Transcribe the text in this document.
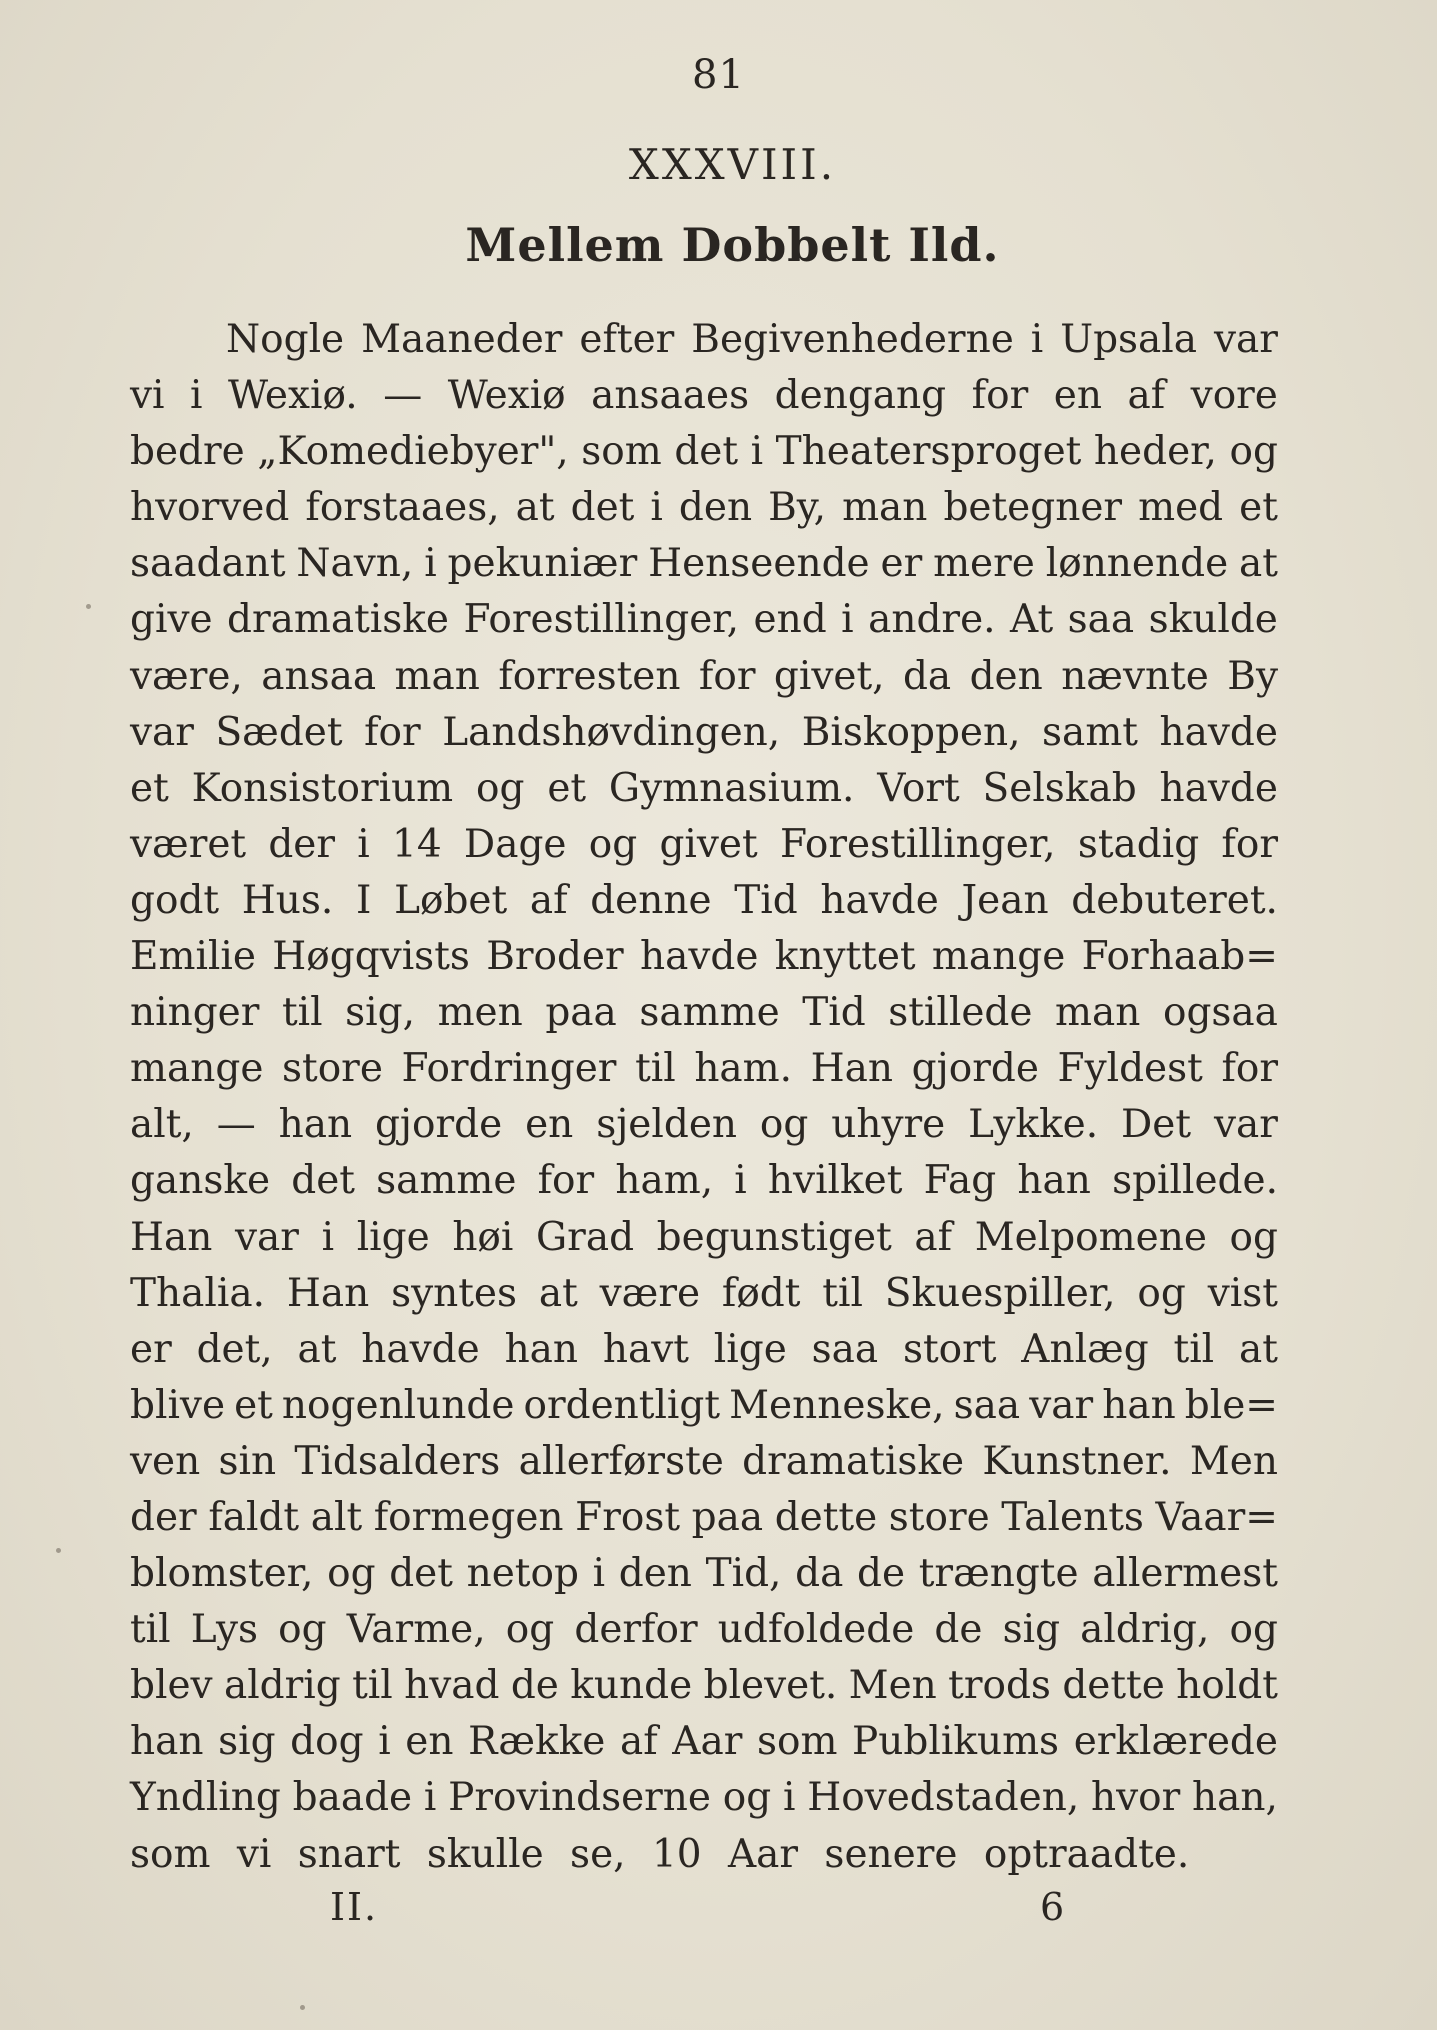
81
XXXVIII.
Mellem Dobbelt Ild.
Nogle Maaneder efter Begivenhederne i Upsala var
vi i Wexiø. — Wexiø ansaaes dengang for en af vore
bedre „Komediebyer", som det i Theatersproget heder, og
hvorved forstaaes, at det i den By, man betegner med et
saadant Navn, i pekuniær Henseende er mere lønnende at
give dramatiske Forestillinger, end i andre. At saa skulde
være, ansaa man forresten for givet, da den nævnte By
var Sædet for Landshøvdingen, Biskoppen, samt havde
et Konsistorium og et Gymnasium. Vort Selskab havde
været der i 14 Dage og givet Forestillinger, stadig for
godt Hus. I Løbet af denne Tid havde Jean debuteret.
Emilie Høgqvists Broder havde knyttet mange Forhaab=
ninger til sig, men paa samme Tid stillede man ogsaa
mange store Fordringer til ham. Han gjorde Fyldest for
alt, — han gjorde en sjelden og uhyre Lykke. Det var
ganske det samme for ham, i hvilket Fag han spillede.
Han var i lige høi Grad begunstiget af Melpomene og
Thalia. Han syntes at være født til Skuespiller, og vist
er det, at havde han havt lige saa stort Anlæg til at
blive et nogenlunde ordentligt Menneske, saa var han ble=
ven sin Tidsalders allerførste dramatiske Kunstner. Men
der faldt alt formegen Frost paa dette store Talents Vaar=
blomster, og det netop i den Tid, da de trængte allermest
til Lys og Varme, og derfor udfoldede de sig aldrig, og
blev aldrig til hvad de kunde blevet. Men trods dette holdt
han sig dog i en Række af Aar som Publikums erklærede
Yndling baade i Provindserne og i Hovedstaden, hvor han,
som vi snart skulle se, 10 Aar senere optraadte.
II.	6
